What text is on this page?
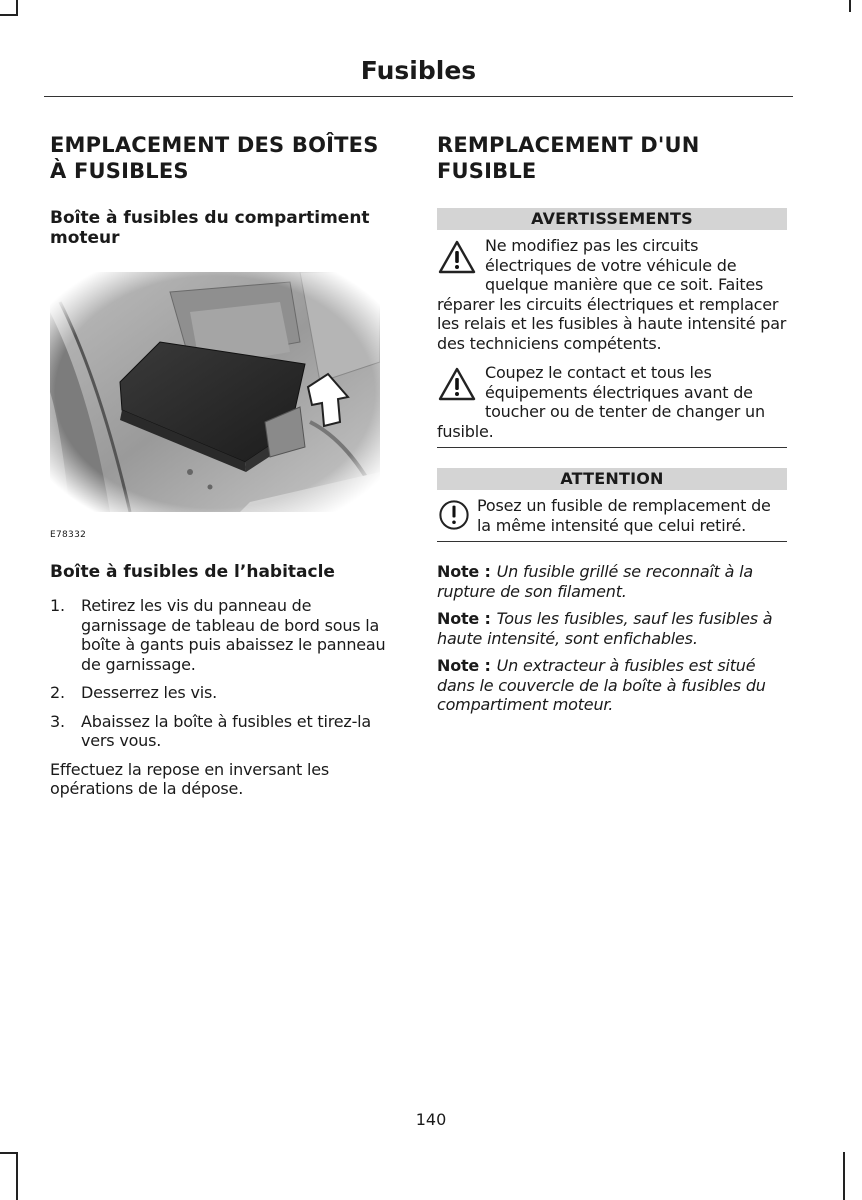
Fusibles
EMPLACEMENT DES BOÎTES À FUSIBLES
Boîte à fusibles du compartiment moteur
E78332
Boîte à fusibles de l’habitacle
1. Retirez les vis du panneau de garnissage de tableau de bord sous la boîte à gants puis abaissez le panneau de garnissage.
2. Desserrez les vis.
3. Abaissez la boîte à fusibles et tirez-la vers vous.

Effectuez la repose en inversant les opérations de la dépose.

REMPLACEMENT D'UN FUSIBLE
AVERTISSEMENTS

Ne modifiez pas les circuits électriques de votre véhicule de quelque manière que ce soit. Faites réparer les circuits électriques et remplacer les relais et les fusibles à haute intensité par des techniciens compétents.

Coupez le contact et tous les équipements électriques avant de toucher ou de tenter de changer un fusible.

ATTENTION

Posez un fusible de remplacement de la même intensité que celui retiré.

Note : Un fusible grillé se reconnaît à la rupture de son filament.

Note : Tous les fusibles, sauf les fusibles à haute intensité, sont enfichables.

Note : Un extracteur à fusibles est situé dans le couvercle de la boîte à fusibles du compartiment moteur.

140
